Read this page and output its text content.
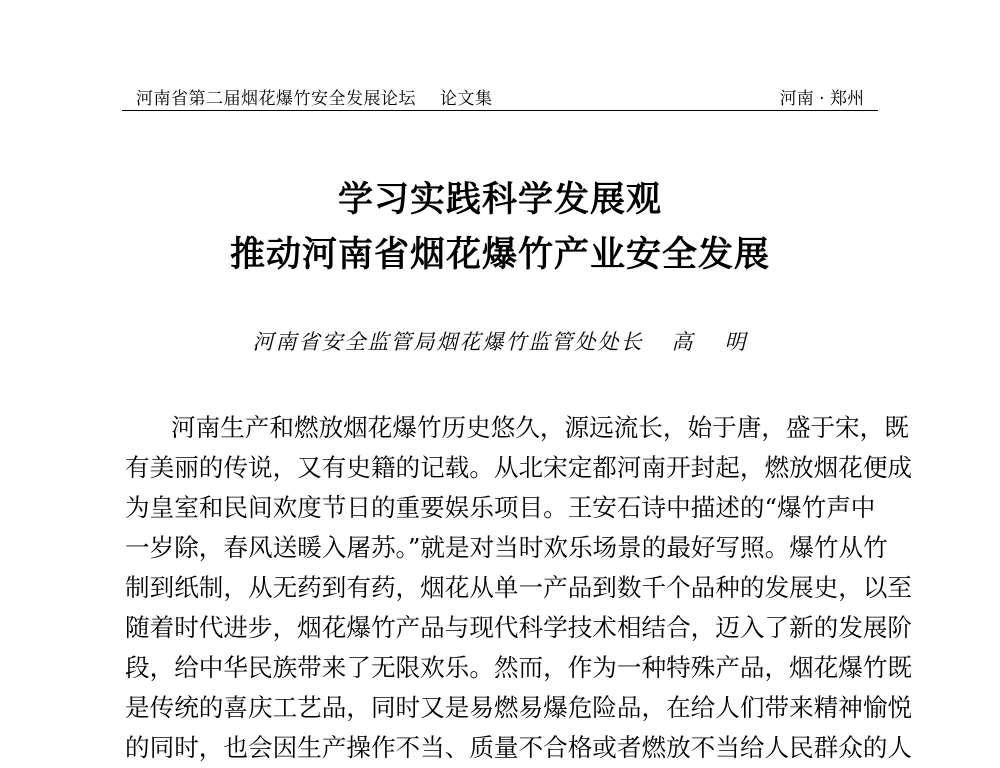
河南省第二届烟花爆竹安全发展论坛 论文集	河南 · 郑州
学习实践科学发展观
推动河南省烟花爆竹产业安全发展
河南省安全监管局烟花爆竹监管处处长 高 明
河南生产和燃放烟花爆竹历史悠久，源远流长，始于唐，盛于宋，既
有美丽的传说，又有史籍的记载。从北宋定都河南开封起，燃放烟花便成
为皇室和民间欢度节日的重要娱乐项目。王安石诗中描述的“爆竹声中
一岁除，春风送暖入屠苏。”就是对当时欢乐场景的最好写照。爆竹从竹
制到纸制，从无药到有药，烟花从单一产品到数千个品种的发展史，以至
随着时代进步，烟花爆竹产品与现代科学技术相结合，迈入了新的发展阶
段，给中华民族带来了无限欢乐。然而，作为一种特殊产品，烟花爆竹既
是传统的喜庆工艺品，同时又是易燃易爆危险品，在给人们带来精神愉悦
的同时，也会因生产操作不当、质量不合格或者燃放不当给人民群众的人
